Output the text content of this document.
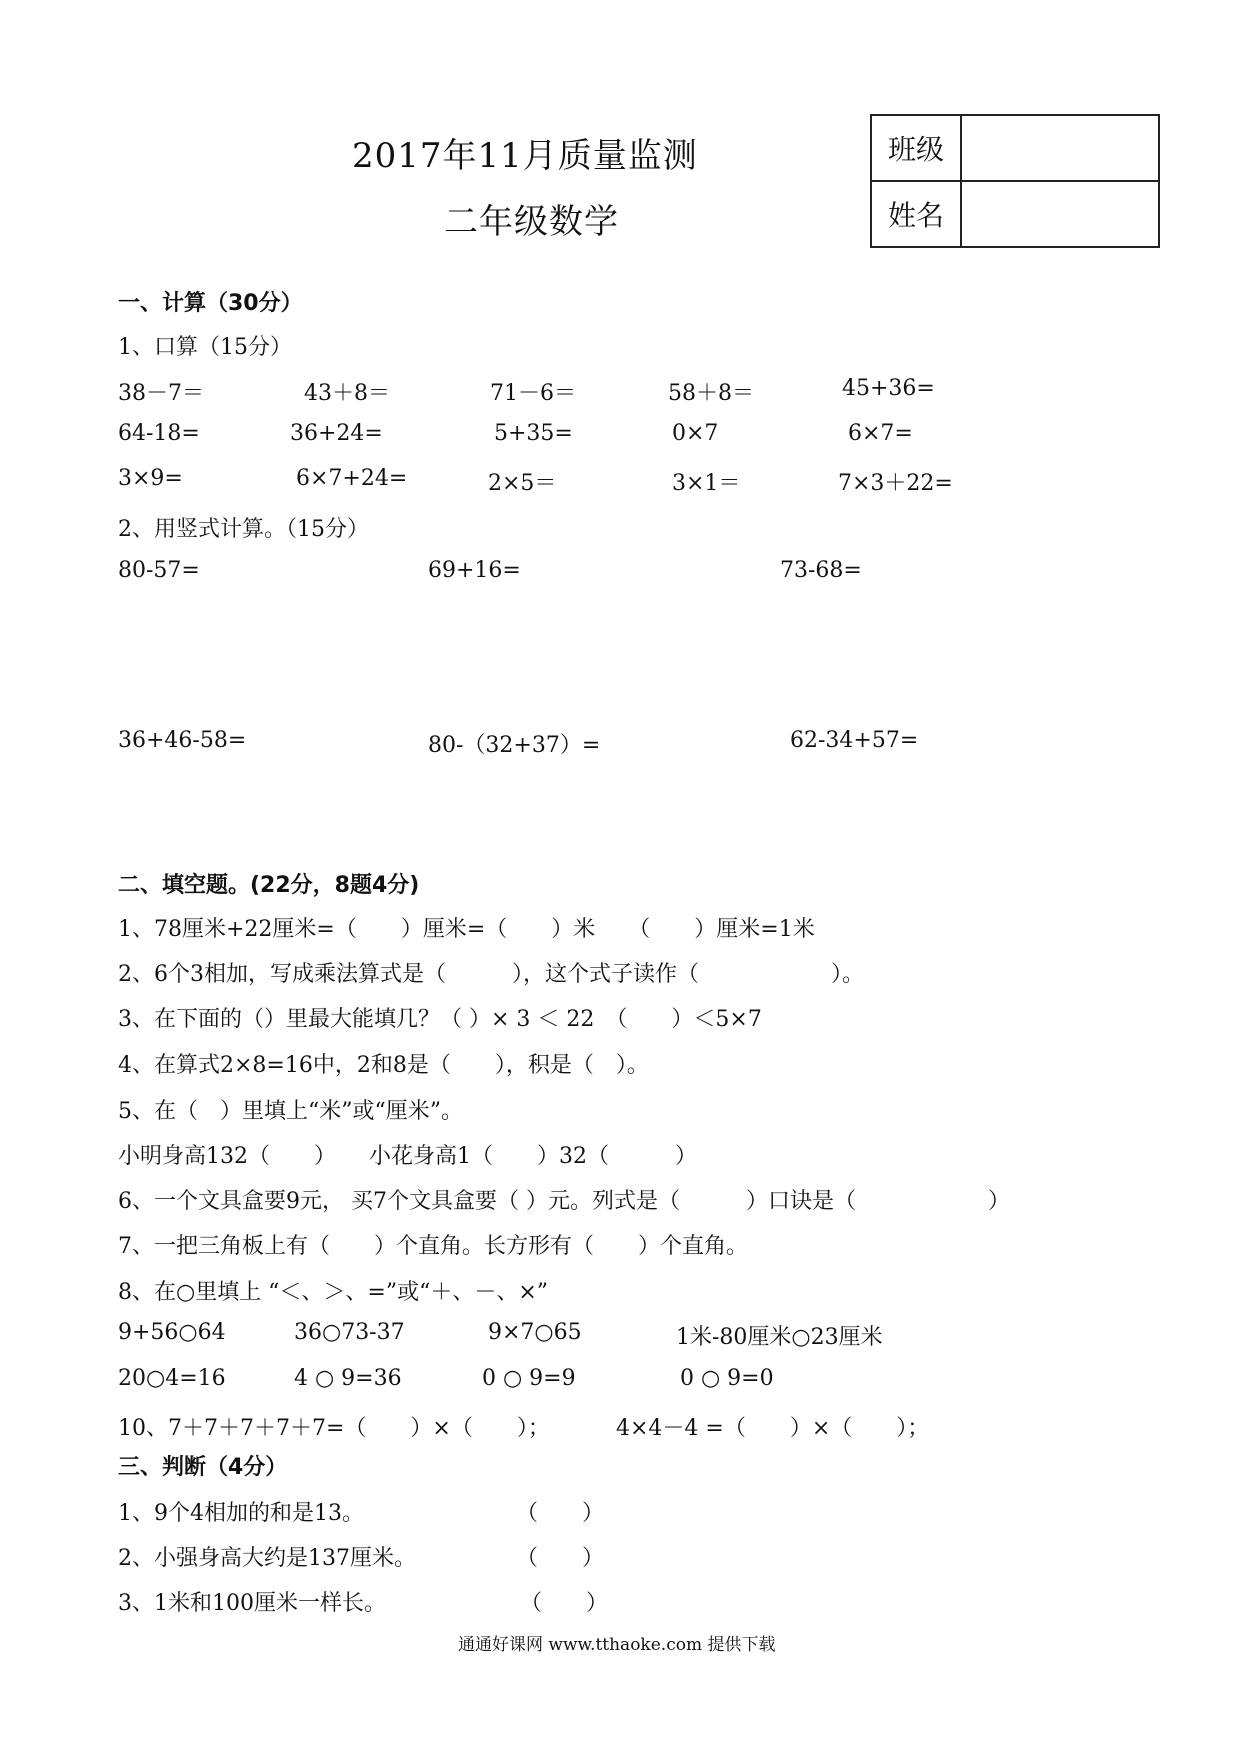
2017年11月质量监测
二年级数学
班级	
姓名	
一、计算（30分）
1、口算（15分）
38－7＝	43＋8＝	71－6＝	58＋8＝	45+36=
64-18=	36+24=	5+35=	0×7	6×7=
3×9=	6×7+24=	2×5＝	3×1＝	7×3＋22=
2、用竖式计算。（15分）
80-57=	69+16=	73-68=
36+46-58=	80-（32+37）=	62-34+57=
二、填空题。(22分，8题4分)
1、78厘米+22厘米=（　　）厘米=（　　）米　　（　　）厘米=1米
2、6个3相加，写成乘法算式是（　　　），这个式子读作（　　　　　　）。
3、在下面的（）里最大能填几？（ ）× 3 ＜ 22　（　　）＜5×7
4、在算式2×8=16中，2和8是（　　），积是（　）。
5、在（　）里填上“米”或“厘米”。
小明身高132（　　）　　小花身高1（　　）32（　　　）
6、一个文具盒要9元， 买7个文具盒要（ ）元。列式是（　　　）口诀是（　　　　　　）
7、一把三角板上有（　　）个直角。长方形有（　　）个直角。
8、在○里填上 “＜、＞、=”或“＋、－、×”
9+56○64	36○73-37	9×7○65	1米-80厘米○23厘米
20○4=16	4 ○ 9=36	0 ○ 9=9	0 ○ 9=0
10、7＋7＋7＋7＋7=（　　）×（　　）；	4×4－4 =（　　）×（　　）；
三、判断（4分）
1、9个4相加的和是13。	（　　）
2、小强身高大约是137厘米。	（　　）
3、1米和100厘米一样长。	（　　）
通通好课网 www.tthaoke.com 提供下载
